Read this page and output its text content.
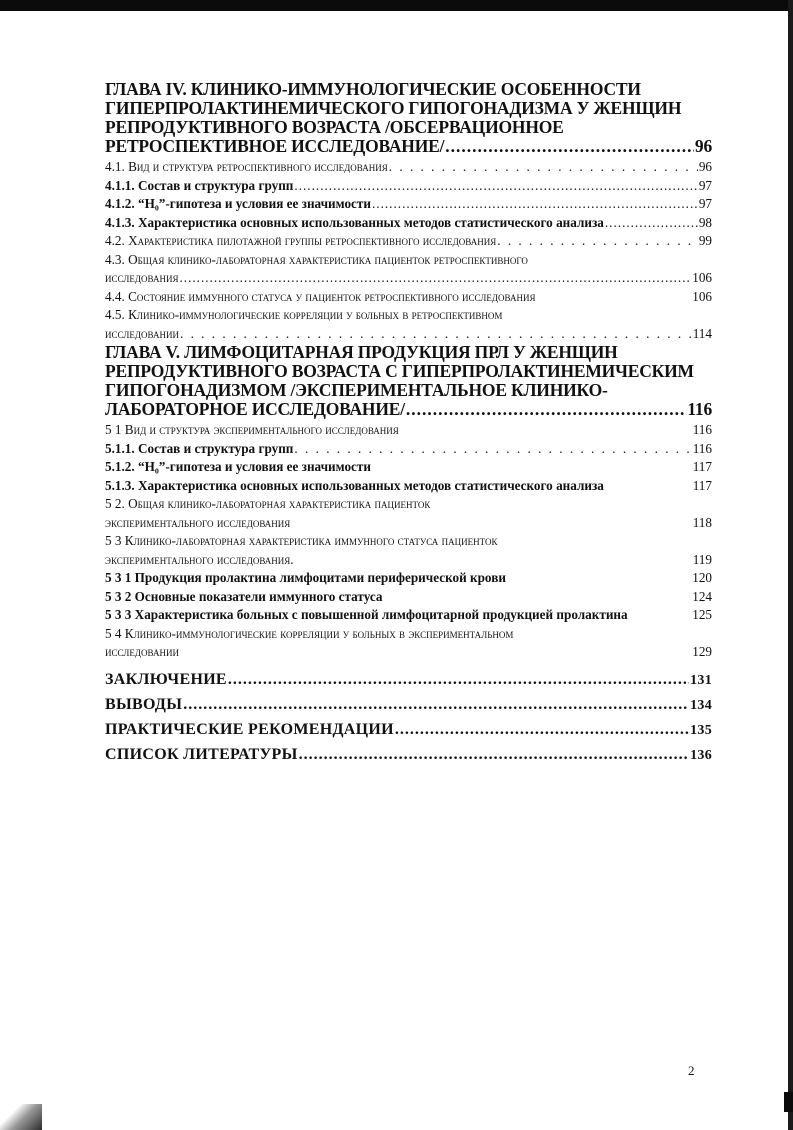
ГЛАВА IV. КЛИНИКО-ИММУНОЛОГИЧЕСКИЕ ОСОБЕННОСТИ
ГИПЕРПРОЛАКТИНЕМИЧЕСКОГО ГИПОГОНАДИЗМА У ЖЕНЩИН
РЕПРОДУКТИВНОГО ВОЗРАСТА /ОБСЕРВАЦИОННОЕ
РЕТРОСПЕКТИВНОЕ ИССЛЕДОВАНИЕ/ .....	96
4.1. Вид и структура ретроспективного исследования . . .	96
4.1.1. Состав и структура групп .....	97
4.1.2. “H₀”-гипотеза и условия ее значимости .....	97
4.1.3. Характеристика основных использованных методов статистического анализа .....	98
4.2. Характеристика пилотажной группы ретроспективного исследования . . .	99
4.3. Общая клинико-лабораторная характеристика пациенток ретроспективного
исследования .....	106
4.4. Состояние иммунного статуса у пациенток ретроспективного исследования	106
4.5. Клинико-иммунологические корреляции у больных в ретроспективном
исследовании . . .	114
ГЛАВА V. ЛИМФОЦИТАРНАЯ ПРОДУКЦИЯ ПРЛ У ЖЕНЩИН
РЕПРОДУКТИВНОГО ВОЗРАСТА С ГИПЕРПРОЛАКТИНЕМИЧЕСКИМ
ГИПОГОНАДИЗМОМ /ЭКСПЕРИМЕНТАЛЬНОЕ КЛИНИКО-
ЛАБОРАТОРНОЕ ИССЛЕДОВАНИЕ/ .....	116
5 1 Вид и структура экспериментального исследования	116
5.1.1. Состав и структура групп . . .	116
5.1.2. “H₀”-гипотеза и условия ее значимости	117
5.1.3. Характеристика основных использованных методов статистического анализа	117
5 2. Общая клинико-лабораторная характеристика пациенток
экспериментального исследования	118
5 3 Клинико-лабораторная характеристика иммунного статуса пациенток
экспериментального исследования.	119
5 3 1 Продукция пролактина лимфоцитами периферической крови	120
5 3 2 Основные показатели иммунного статуса	124
5 3 3 Характеристика больных с повышенной лимфоцитарной продукцией пролактина	125
5 4 Клинико-иммунологические корреляции у больных в экспериментальном
исследовании	129
ЗАКЛЮЧЕНИЕ .....	131
ВЫВОДЫ .....	134
ПРАКТИЧЕСКИЕ РЕКОМЕНДАЦИИ .....	135
СПИСОК ЛИТЕРАТУРЫ .....	136
2
